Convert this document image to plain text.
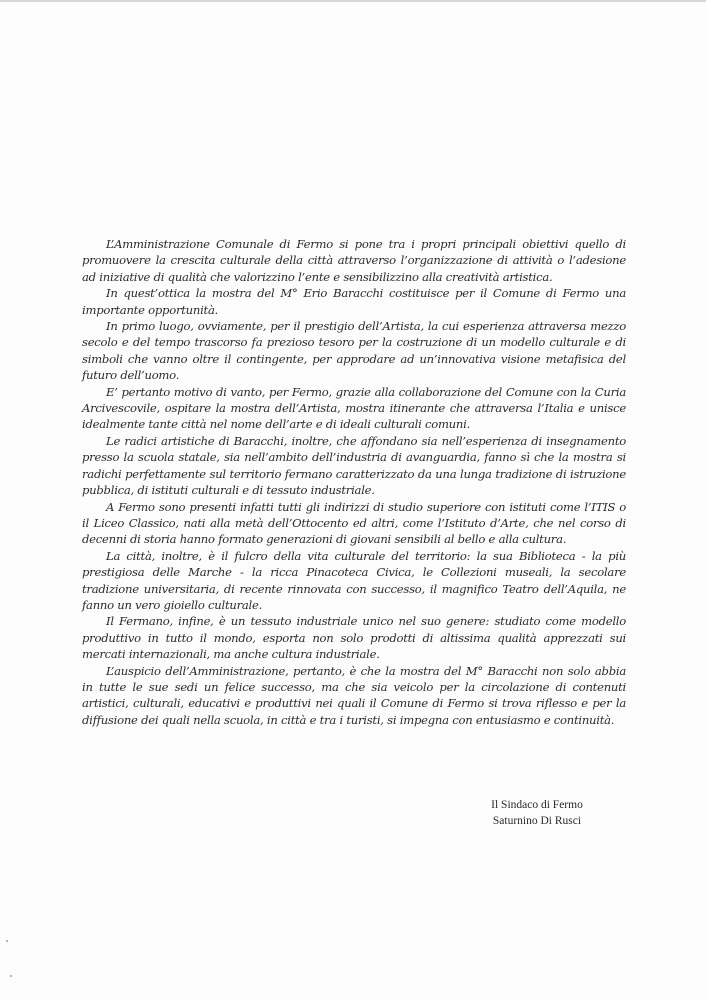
L’Amministrazione Comunale di Fermo si pone tra i propri principali obiettivi quello di promuovere la crescita culturale della città attraverso l’organizzazione di attività o l’adesione ad iniziative di qualità che valorizzino l’ente e sensibilizzino alla creatività artistica.

In quest’ottica la mostra del M° Erio Baracchi costituisce per il Comune di Fermo una importante opportunità.

In primo luogo, ovviamente, per il prestigio dell’Artista, la cui esperienza attraversa mezzo secolo e del tempo trascorso fa prezioso tesoro per la costruzione di un modello culturale e di simboli che vanno oltre il contingente, per approdare ad un’innovativa visione metafisica del futuro dell’uomo.

E’ pertanto motivo di vanto, per Fermo, grazie alla collaborazione del Comune con la Curia Arcivescovile, ospitare la mostra dell’Artista, mostra itinerante che attraversa l’Italia e unisce idealmente tante città nel nome dell’arte e di ideali culturali comuni.

Le radici artistiche di Baracchi, inoltre, che affondano sia nell’esperienza di insegnamento presso la scuola statale, sia nell’ambito dell’industria di avanguardia, fanno sì che la mostra si radichi perfettamente sul territorio fermano caratterizzato da una lunga tradizione di istruzione pubblica, di istituti culturali e di tessuto industriale.

A Fermo sono presenti infatti tutti gli indirizzi di studio superiore con istituti come l’ITIS o il Liceo Classico, nati alla metà dell’Ottocento ed altri, come l’Istituto d’Arte, che nel corso di decenni di storia hanno formato generazioni di giovani sensibili al bello e alla cultura.

La città, inoltre, è il fulcro della vita culturale del territorio: la sua Biblioteca - la più prestigiosa delle Marche - la ricca Pinacoteca Civica, le Collezioni museali, la secolare tradizione universitaria, di recente rinnovata con successo, il magnifico Teatro dell’Aquila, ne fanno un vero gioiello culturale.

Il Fermano, infine, è un tessuto industriale unico nel suo genere: studiato come modello produttivo in tutto il mondo, esporta non solo prodotti di altissima qualità apprezzati sui mercati internazionali, ma anche cultura industriale.

L’auspicio dell’Amministrazione, pertanto, è che la mostra del M° Baracchi non solo abbia in tutte le sue sedi un felice successo, ma che sia veicolo per la circolazione di contenuti artistici, culturali, educativi e produttivi nei quali il Comune di Fermo si trova riflesso e per la diffusione dei quali nella scuola, in città e tra i turisti, si impegna con entusiasmo e continuità.

Il Sindaco di Fermo
Saturnino Di Rusci
